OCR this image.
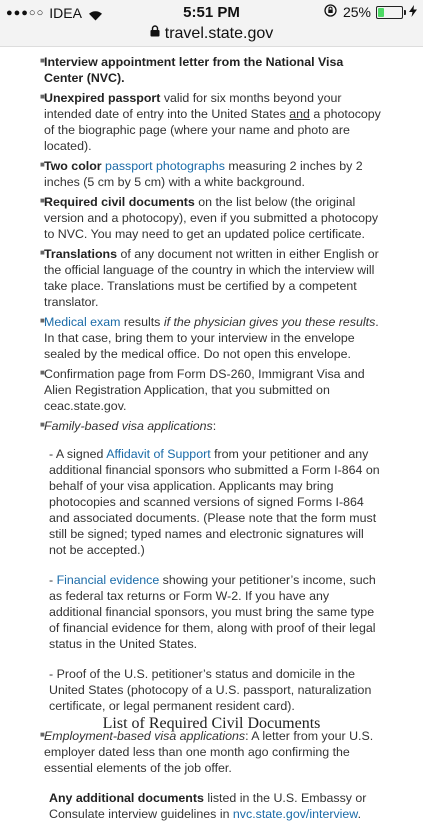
●●●○○ IDEA	5:51 PM	25%
travel.state.gov
■ Interview appointment letter from the National Visa Center (NVC).
■ Unexpired passport valid for six months beyond your intended date of entry into the United States and a photocopy of the biographic page (where your name and photo are located).
■ Two color passport photographs measuring 2 inches by 2 inches (5 cm by 5 cm) with a white background.
■ Required civil documents on the list below (the original version and a photocopy), even if you submitted a photocopy to NVC. You may need to get an updated police certificate.
■ Translations of any document not written in either English or the official language of the country in which the interview will take place. Translations must be certified by a competent translator.
■ Medical exam results if the physician gives you these results. In that case, bring them to your interview in the envelope sealed by the medical office. Do not open this envelope.
■ Confirmation page from Form DS-260, Immigrant Visa and Alien Registration Application, that you submitted on ceac.state.gov.
■ Family-based visa applications:
- A signed Affidavit of Support from your petitioner and any additional financial sponsors who submitted a Form I-864 on behalf of your visa application. Applicants may bring photocopies and scanned versions of signed Forms I-864 and associated documents. (Please note that the form must still be signed; typed names and electronic signatures will not be accepted.)
- Financial evidence showing your petitioner’s income, such as federal tax returns or Form W-2. If you have any additional financial sponsors, you must bring the same type of financial evidence for them, along with proof of their legal status in the United States.
- Proof of the U.S. petitioner’s status and domicile in the United States (photocopy of a U.S. passport, naturalization certificate, or legal permanent resident card).
■ Employment-based visa applications: A letter from your U.S. employer dated less than one month ago confirming the essential elements of the job offer.
Any additional documents listed in the U.S. Embassy or Consulate interview guidelines in nvc.state.gov/interview.
List of Required Civil Documents
